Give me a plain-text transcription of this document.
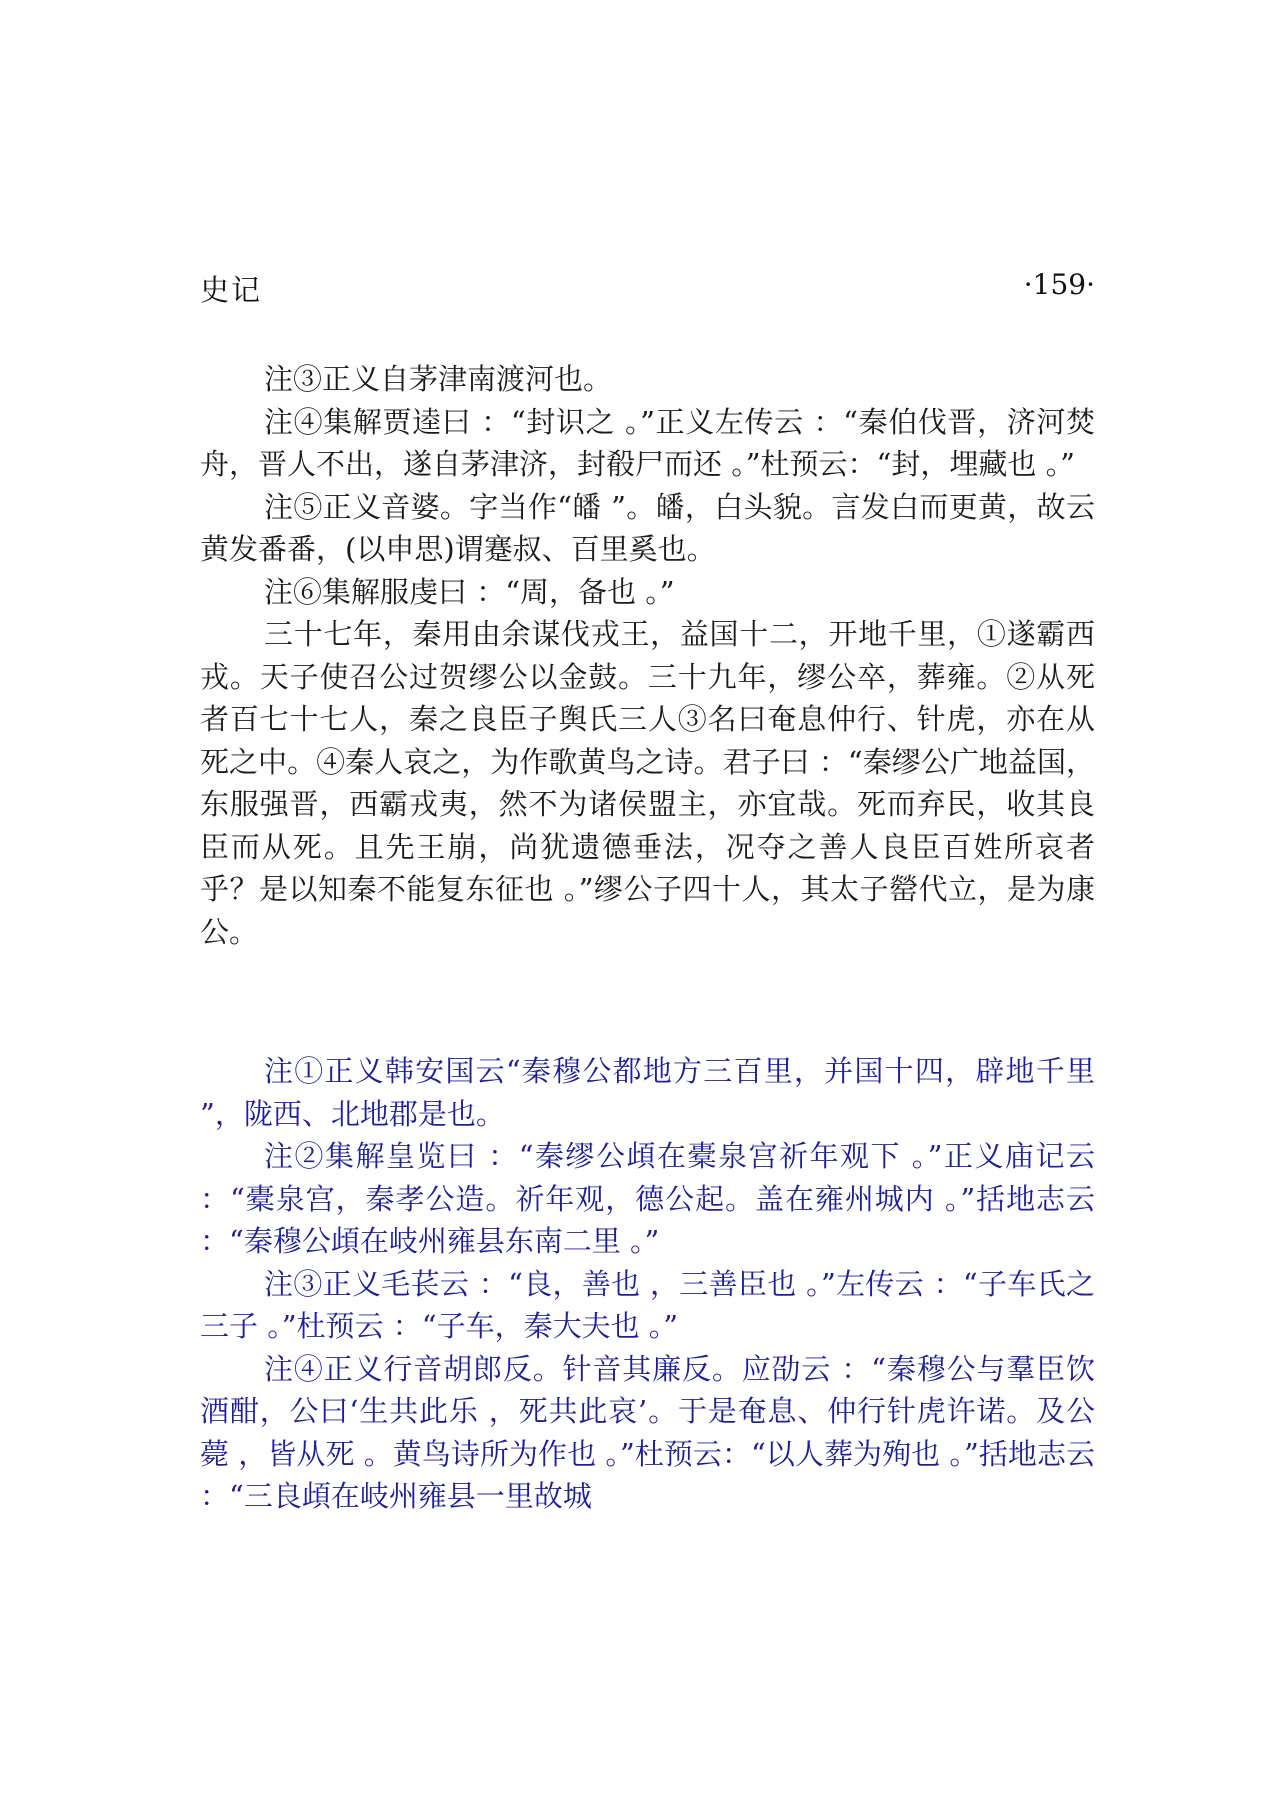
史记	·159·

注③正义自茅津南渡河也。

注④集解贾逵曰 ：“封识之 。”正义左传云 ：“秦伯伐晋，济河焚舟，晋人不出，遂自茅津济，封殽尸而还 。”杜预云：“封，埋藏也 。”

注⑤正义音婆。字当作“皤 ”。皤，白头貌。言发白而更黄，故云黄发番番，(以申思)谓蹇叔、百里奚也。

注⑥集解服虔曰 ：“周，备也 。”

三十七年，秦用由余谋伐戎王，益国十二，开地千里，①遂霸西戎。天子使召公过贺缪公以金鼓。三十九年，缪公卒，葬雍。②从死者百七十七人，秦之良臣子舆氏三人③名曰奄息仲行、针虎，亦在从死之中。④秦人哀之，为作歌黄鸟之诗。君子曰 ：“秦缪公广地益国，东服强晋，西霸戎夷，然不为诸侯盟主，亦宜哉。死而弃民，收其良臣而从死。且先王崩，尚犹遗德垂法，况夺之善人良臣百姓所哀者乎？是以知秦不能复东征也 。”缪公子四十人，其太子罃代立，是为康公。

注①正义韩安国云“秦穆公都地方三百里，并国十四，辟地千里 ”，陇西、北地郡是也。

注②集解皇览曰 ：“秦缪公頉在橐泉宫祈年观下 。”正义庙记云 ：“橐泉宫，秦孝公造。祈年观，德公起。盖在雍州城内 。”括地志云 ：“秦穆公頉在岐州雍县东南二里 。”

注③正义毛苌云 ：“良，善也 ，三善臣也 。”左传云 ：“子车氏之三子 。”杜预云 ：“子车，秦大夫也 。”

注④正义行音胡郎反。针音其廉反。应劭云 ：“秦穆公与羣臣饮酒酣，公曰‘生共此乐 ，死共此哀’。于是奄息、仲行针虎许诺。及公薨 ，皆从死 。黄鸟诗所为作也 。”杜预云：“以人葬为殉也 。”括地志云 ：“三良頉在岐州雍县一里故城
